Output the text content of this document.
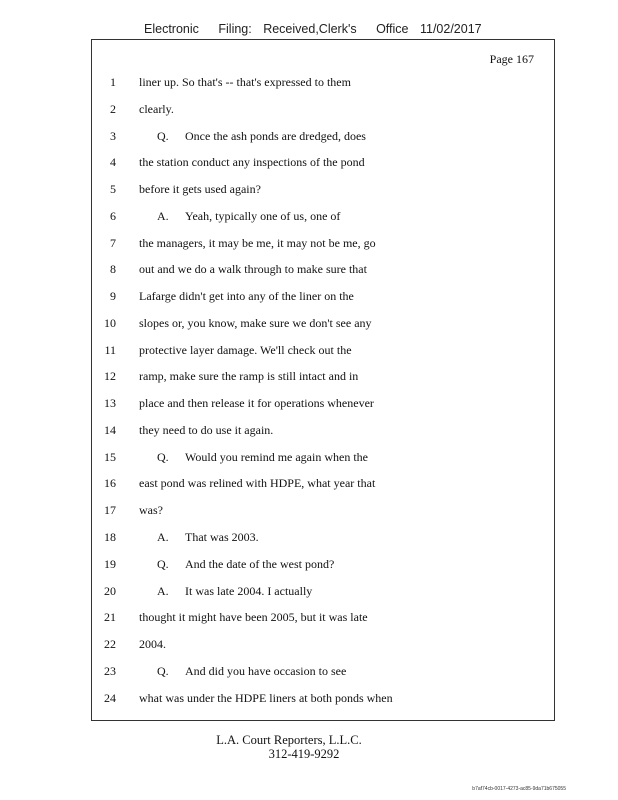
Electronic Filing: Received,Clerk's Office 11/02/2017
Page 167
1 liner up. So that's -- that's expressed to them
2 clearly.
3	Q. Once the ash ponds are dredged, does
4 the station conduct any inspections of the pond
5 before it gets used again?
6	A. Yeah, typically one of us, one of
7 the managers, it may be me, it may not be me, go
8 out and we do a walk through to make sure that
9 Lafarge didn't get into any of the liner on the
10 slopes or, you know, make sure we don't see any
11 protective layer damage. We'll check out the
12 ramp, make sure the ramp is still intact and in
13 place and then release it for operations whenever
14 they need to do use it again.
15	Q. Would you remind me again when the
16 east pond was relined with HDPE, what year that
17 was?
18	A. That was 2003.
19	Q. And the date of the west pond?
20	A. It was late 2004. I actually
21 thought it might have been 2005, but it was late
22 2004.
23	Q. And did you have occasion to see
24 what was under the HDPE liners at both ponds when
L.A. Court Reporters, L.L.C.
312-419-9292
b7af74cb-0017-4273-ac85-9da71b675055
